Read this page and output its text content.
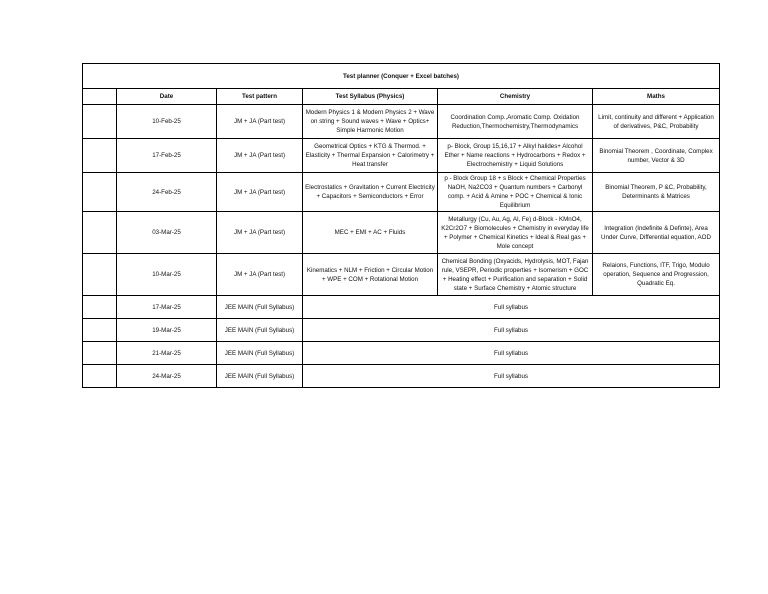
Test planner (Conquer + Excel batches)					
	Date	Test pattern	Test Syllabus (Physics)	Chemistry	Maths
	10-Feb-25	JM + JA (Part test)	Modern Physics 1 & Modern Physics 2 + Wave on string + Sound waves + Wave + Optics+ Simple Harmonic Motion	Coordination Comp.,Aromatic Comp. Oxidation Reduction,Thermochemistry,Thermodynamics	Limit, continuity and different + Application of derivatives, P&C, Probability
	17-Feb-25	JM + JA (Part test)	Geometrical Optics + KTG & Thermod. + Elasticity + Thermal Expansion + Calorimetry + Heat transfer	p- Block, Group 15,16,17 + Alkyl halides+ Alcohol Ether + Name reactions + Hydrocarbons + Redox + Electrochemistry + Liquid Solutions	Binomial Theorem , Coordinate, Complex number, Vector & 3D
	24-Feb-25	JM + JA (Part test)	Electrostatics + Gravitation + Current Electricity + Capacitors + Semiconductors + Error	p - Block Group 18 + s Block + Chemical Properties NaOH, Na2CO3 + Quantum numbers + Carbonyl comp. + Acid & Amine + POC + Chemical & Ionic Equilibrium	Binomial Theorem, P &C, Probability, Determinants & Matrices
	03-Mar-25	JM + JA (Part test)	MEC + EMI + AC + Fluids	Metallurgy (Cu, Au, Ag, Al, Fe) d-Block - KMnO4, K2Cr2O7 + Biomolecules + Chemistry in everyday life + Polymer + Chemical Kinetics + Ideal & Real gas + Mole concept	Integration (Indefinite & Definte), Area Under Curve, Differential equation, AOD
	10-Mar-25	JM + JA (Part test)	Kinematics + NLM + Friction + Circular Motion + WPE + COM + Rotational Motion	Chemical Bonding (Oxyacids, Hydrolysis, MOT, Fajan rule, VSEPR, Periodic properties + Isomerism + GOC + Heating effect + Purification and separation + Solid state + Surface Chemistry + Atomic structure	Relaions, Functions, ITF, Trigo, Modulo operation, Sequence and Progression, Quadratic Eq.
	17-Mar-25	JEE MAIN (Full Syllabus)	Full syllabus		
	19-Mar-25	JEE MAIN (Full Syllabus)	Full syllabus		
	21-Mar-25	JEE MAIN (Full Syllabus)	Full syllabus		
	24-Mar-25	JEE MAIN (Full Syllabus)	Full syllabus		
